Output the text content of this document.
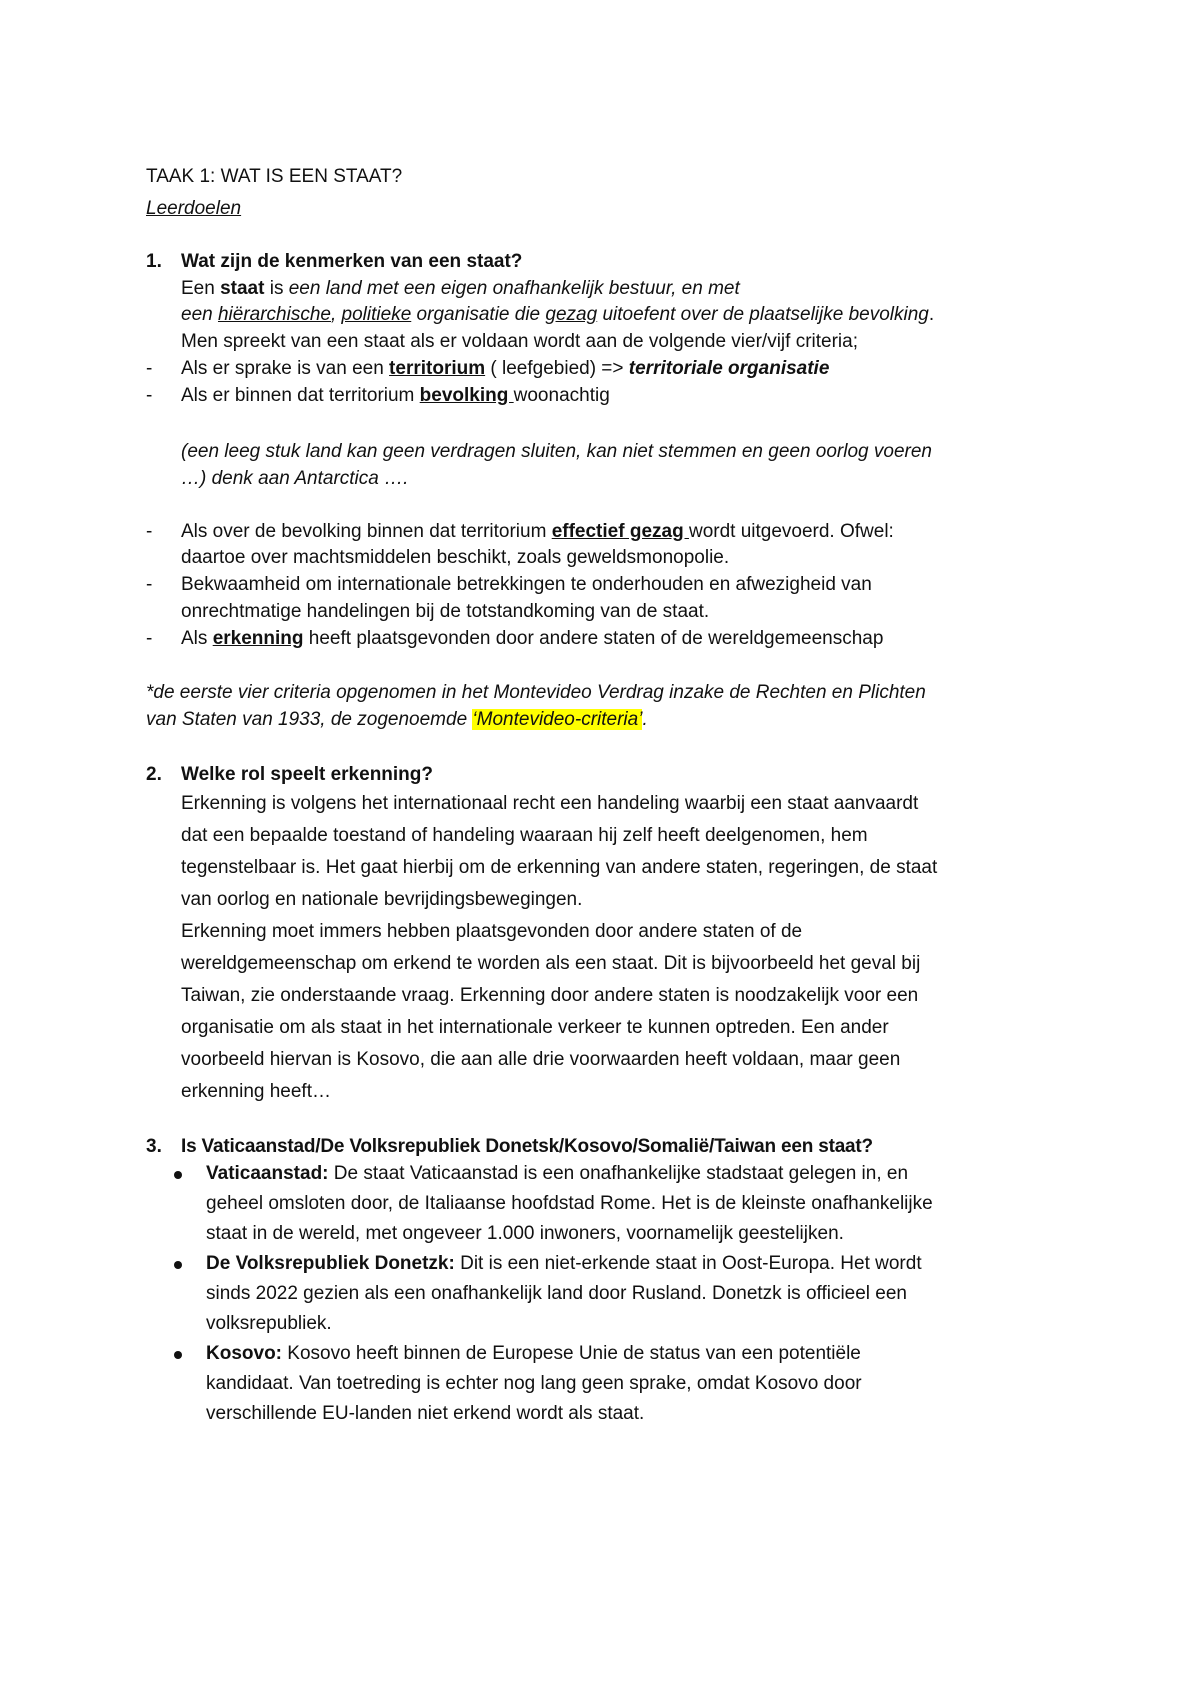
TAAK 1: WAT IS EEN STAAT?
Leerdoelen
1. Wat zijn de kenmerken van een staat?
Een staat is een land met een eigen onafhankelijk bestuur, en met
een hiërarchische, politieke organisatie die gezag uitoefent over de plaatselijke bevolking.
Men spreekt van een staat als er voldaan wordt aan de volgende vier/vijf criteria;
- Als er sprake is van een territorium ( leefgebied) => territoriale organisatie
- Als er binnen dat territorium bevolking woonachtig
(een leeg stuk land kan geen verdragen sluiten, kan niet stemmen en geen oorlog voeren
…) denk aan Antarctica ….
- Als over de bevolking binnen dat territorium effectief gezag wordt uitgevoerd. Ofwel:
daartoe over machtsmiddelen beschikt, zoals geweldsmonopolie.
- Bekwaamheid om internationale betrekkingen te onderhouden en afwezigheid van
onrechtmatige handelingen bij de totstandkoming van de staat.
- Als erkenning heeft plaatsgevonden door andere staten of de wereldgemeenschap
*de eerste vier criteria opgenomen in het Montevideo Verdrag inzake de Rechten en Plichten
van Staten van 1933, de zogenoemde ‘Montevideo-criteria’.
2. Welke rol speelt erkenning?
Erkenning is volgens het internationaal recht een handeling waarbij een staat aanvaardt
dat een bepaalde toestand of handeling waaraan hij zelf heeft deelgenomen, hem
tegenstelbaar is. Het gaat hierbij om de erkenning van andere staten, regeringen, de staat
van oorlog en nationale bevrijdingsbewegingen.
Erkenning moet immers hebben plaatsgevonden door andere staten of de
wereldgemeenschap om erkend te worden als een staat. Dit is bijvoorbeeld het geval bij
Taiwan, zie onderstaande vraag. Erkenning door andere staten is noodzakelijk voor een
organisatie om als staat in het internationale verkeer te kunnen optreden. Een ander
voorbeeld hiervan is Kosovo, die aan alle drie voorwaarden heeft voldaan, maar geen
erkenning heeft…
3. Is Vaticaanstad/De Volksrepubliek Donetsk/Kosovo/Somalië/Taiwan een staat?
Vaticaanstad: De staat Vaticaanstad is een onafhankelijke stadstaat gelegen in, en
geheel omsloten door, de Italiaanse hoofdstad Rome. Het is de kleinste onafhankelijke
staat in de wereld, met ongeveer 1.000 inwoners, voornamelijk geestelijken.
De Volksrepubliek Donetzk: Dit is een niet-erkende staat in Oost-Europa. Het wordt
sinds 2022 gezien als een onafhankelijk land door Rusland. Donetzk is officieel een
volksrepubliek.
Kosovo: Kosovo heeft binnen de Europese Unie de status van een potentiële
kandidaat. Van toetreding is echter nog lang geen sprake, omdat Kosovo door
verschillende EU-landen niet erkend wordt als staat.
